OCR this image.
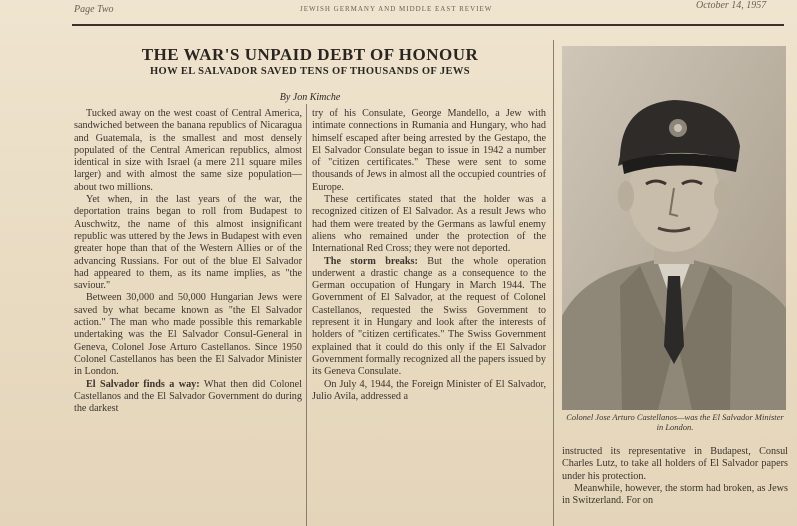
Page Two	JEWISH GERMANY AND MIDDLE EAST REVIEW	October 14, 1957
THE WAR'S UNPAID DEBT OF HONOUR
HOW EL SALVADOR SAVED TENS OF THOUSANDS OF JEWS
By Jon Kimche

Tucked away on the west coast of Central America, sandwiched between the banana republics of Nicaragua and Guatemala, is the smallest and most densely populated of the Central American republics, almost identical in size with Israel (a mere 211 square miles larger) and with almost the same size population—about two millions.

Yet when, in the last years of the war, the deportation trains began to roll from Budapest to Auschwitz, the name of this almost insignificant republic was uttered by the Jews in Budapest with even greater hope than that of the Western Allies or of the advancing Russians. For out of the blue El Salvador had appeared to them, as its name implies, as "the saviour."

Between 30,000 and 50,000 Hungarian Jews were saved by what became known as "the El Salvador action." The man who made possible this remarkable undertaking was the El Salvador Consul-General in Geneva, Colonel Jose Arturo Castellanos. Since 1950 Colonel Castellanos has been the El Salvador Minister in London.

El Salvador finds a way: What then did Colonel Castellanos and the El Salvador Government do during the darkest

try of his Consulate, George Mandello, a Jew with intimate connections in Rumania and Hungary, who had himself escaped after being arrested by the Gestapo, the El Salvador Consulate began to issue in 1942 a number of "citizen certificates." These were sent to some thousands of Jews in almost all the occupied countries of Europe.

These certificates stated that the holder was a recognized citizen of El Salvador. As a result Jews who had them were treated by the Germans as lawful enemy aliens who remained under the protection of the International Red Cross; they were not deported.

The storm breaks: But the whole operation underwent a drastic change as a consequence to the German occupation of Hungary in March 1944. The Government of El Salvador, at the request of Colonel Castellanos, requested the Swiss Government to represent it in Hungary and look after the interests of holders of "citizen certificates." The Swiss Government explained that it could do this only if the El Salvador Government formally recognized all the papers issued by its Geneva Consulate.

On July 4, 1944, the Foreign Minister of El Salvador, Julio Avila, addressed a

Colonel Jose Arturo Castellanos—was the El Salvador Minister in London.

instructed its representative in Budapest, Consul Charles Lutz, to take all holders of El Salvador papers under his protection.

Meanwhile, however, the storm had broken, as Jews in Switzerland. For on
